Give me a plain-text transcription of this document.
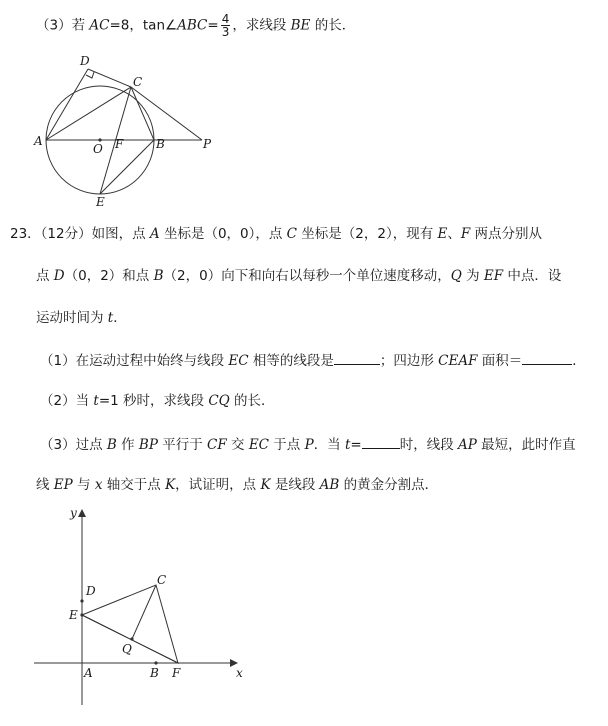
（3）若 AC=8，tan∠ABC= $\frac{4}{3}$ ，求线段 BE 的长．
D
C
A
O F	B	P
E
23．（12分）如图，点 A 坐标是（0，0），点 C 坐标是（2，2），现有 E、F 两点分别从
点 D（0，2）和点 B（2，0）向下和向右以每秒一个单位速度移动，Q 为 EF 中点．设
运动时间为 t．
（1）在运动过程中始终与线段 EC 相等的线段是	；四边形 CEAF 面积＝	．
（2）当 t=1 秒时，求线段 CQ 的长．
（3）过点 B 作 BP 平行于 CF 交 EC 于点 P．当 t=	时，线段 AP 最短，此时作直
线 EP 与 x 轴交于点 K，试证明，点 K 是线段 AB 的黄金分割点．
y
x
D
C
E
Q
A	B F
